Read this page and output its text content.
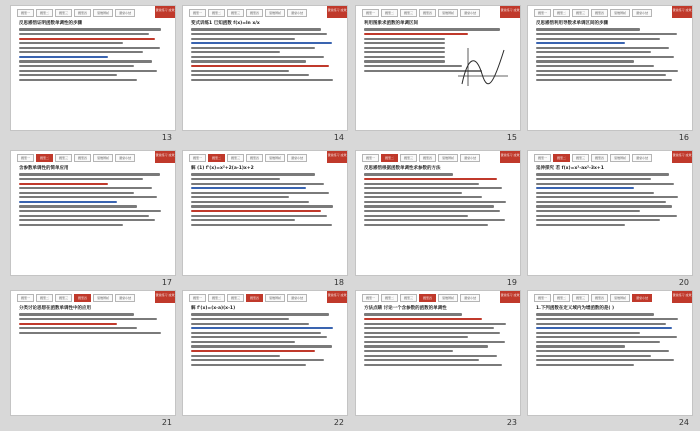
题型一	题型二	题型三	题型四	思维辨析	课堂小结
课堂练习 成效
反思感悟证明函数单调性的步骤
13
题型一	题型二	题型三	题型四	思维辨析	课堂小结
课堂练习 成效
变式训练1 已知函数 f(x)=ln x/x
14
题型一	题型二	题型三	题型四	思维辨析	课堂小结
课堂练习 成效
利用图象求函数的单调区间
15
题型一	题型二	题型三	题型四	思维辨析	课堂小结
课堂练习 成效
反思感悟利用导数求单调区间的步骤
16
题型一	题型二	题型三	题型四	思维辨析	课堂小结
课堂练习 成效
含参数单调性的简单应用
17
题型一	题型二	题型三	题型四	思维辨析	课堂小结
课堂练习 成效
解 (1) f'(x)=x²+2(a-1)x+2
18
题型一	题型二	题型三	题型四	思维辨析	课堂小结
课堂练习 成效
反思感悟根据函数单调性求参数的方法
19
题型一	题型二	题型三	题型四	思维辨析	课堂小结
课堂练习 成效
延伸探究 若 f(x)=x³-ax²-3x+1
20
题型一	题型二	题型三	题型四	思维辨析	课堂小结
课堂练习 成效
分类讨论思想在函数单调性中的应用
21
题型一	题型二	题型三	题型四	思维辨析	课堂小结
课堂练习 成效
解 f'(x)=(x-a)(x-1)
22
题型一	题型二	题型三	题型四	思维辨析	课堂小结
课堂练习 成效
方法点睛 讨论一个含参数的函数的单调性
23
题型一	题型二	题型三	题型四	思维辨析	课堂小结
课堂练习 成效
1.下列函数在定义域内为增函数的是( )
24
